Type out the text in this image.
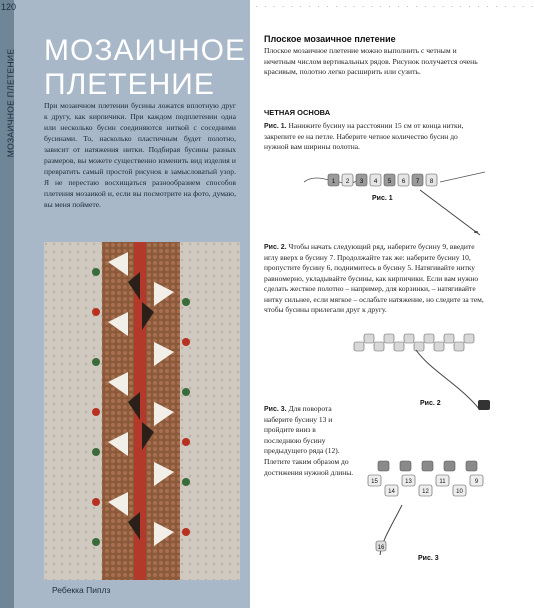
120
МОЗАИЧНОЕ ПЛЕТЕНИЕ МОЗАИЧНОЕ
ПЛЕТЕНИЕ
При мозаичном плетении бусины ложатся вплотную друг к другу, как кирпичики. При каждом подплетении одна или несколько бусин соединяются ниткой с соседними бусинами. То, насколько пластичным будет полотно, зависит от натяжения нитки. Подбирая бусины разных размеров, вы можете существенно изменить вид изделия и превратить самый простой рисунок в замысловатый узор. Я не перестаю восхищаться разнообразием способов плетения мозаикой и, если вы посмотрите на фото, думаю, вы меня поймете.
Ребекка Пиплз
· · · · · · · · · · · · · · · · · · · · · · · · · · · · · · · ·
Плоское мозаичное плетение
Плоское мозаичное плетение можно выполнить с четным и нечетным числом вертикальных рядов. Рисунок получается очень красивым, полотно легко расширить или сузить.
ЧЕТНАЯ ОСНОВА
Рис. 1. Нанижите бусину на расстоянии 15 см от конца нитки, закрепите ее на петле. Наберите четное количество бусин до нужной вам ширины полотна.
1 2 3 4 5 6 7 8
Рис. 1
Рис. 2. Чтобы начать следующий ряд, наберите бусину 9, введите иглу вверх в бусину 7. Продолжайте так же: наберите бусину 10, пропустите бусину 6, поднимитесь в бусину 5. Натягивайте нитку равномерно, укладывайте бусины, как кирпичики. Если вам нужно сделать жесткое полотно – например, для корзинки, – натягивайте нитку сильнее, если мягкое – ослабьте натяжение, но следите за тем, чтобы бусины прилегали друг к другу.
Рис. 2
Рис. 3. Для поворота наберите бусину 13 и пройдите вниз в последнюю бусину предыдущего ряда (12). Плетите таким образом до достижения нужной длины.
15
14
13
12
11
10
9
16
Рис. 3
